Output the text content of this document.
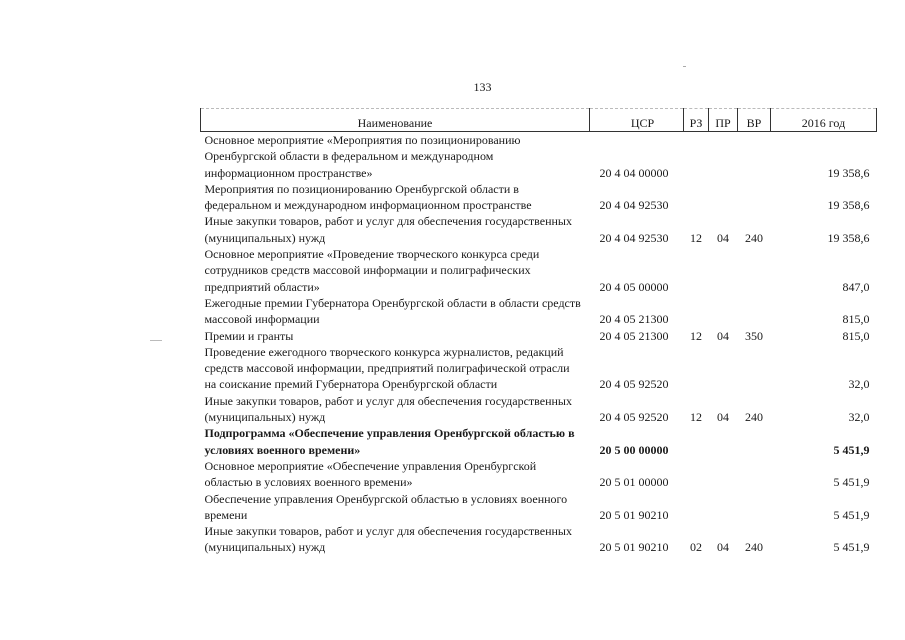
133
Наименование	ЦСР	РЗ	ПР	ВР	2016 год
Основное мероприятие «Мероприятия по позиционированию Оренбургской области в федеральном и международном информационном пространстве»	20 4 04 00000				19 358,6
Мероприятия по позиционированию Оренбургской области в федеральном и международном информационном пространстве	20 4 04 92530				19 358,6
Иные закупки товаров, работ и услуг для обеспечения государственных (муниципальных) нужд	20 4 04 92530	12	04	240	19 358,6
Основное мероприятие «Проведение творческого конкурса среди сотрудников средств массовой информации и полиграфических предприятий области»	20 4 05 00000				847,0
Ежегодные премии Губернатора Оренбургской области в области средств массовой информации	20 4 05 21300				815,0
Премии и гранты	20 4 05 21300	12	04	350	815,0
Проведение ежегодного творческого конкурса журналистов, редакций средств массовой информации, предприятий полиграфической отрасли на соискание премий Губернатора Оренбургской области	20 4 05 92520				32,0
Иные закупки товаров, работ и услуг для обеспечения государственных (муниципальных) нужд	20 4 05 92520	12	04	240	32,0
Подпрограмма «Обеспечение управления Оренбургской областью в условиях военного времени»	20 5 00 00000				5 451,9
Основное мероприятие «Обеспечение управления Оренбургской областью в условиях военного времени»	20 5 01 00000				5 451,9
Обеспечение управления Оренбургской областью в условиях военного времени	20 5 01 90210				5 451,9
Иные закупки товаров, работ и услуг для обеспечения государственных (муниципальных) нужд	20 5 01 90210	02	04	240	5 451,9
